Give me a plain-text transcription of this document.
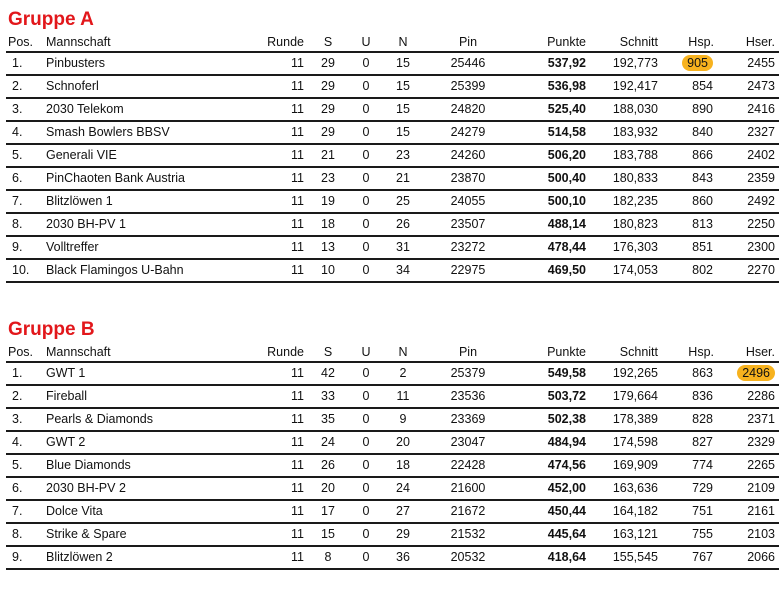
Gruppe A
Pos.	Mannschaft	Runde	S	U	N	Pin	Punkte	Schnitt	Hsp.	Hser.
1.	Pinbusters	11	29	0	15	25446	537,92	192,773	905	2455
2.	Schnoferl	11	29	0	15	25399	536,98	192,417	854	2473
3.	2030 Telekom	11	29	0	15	24820	525,40	188,030	890	2416
4.	Smash Bowlers BBSV	11	29	0	15	24279	514,58	183,932	840	2327
5.	Generali VIE	11	21	0	23	24260	506,20	183,788	866	2402
6.	PinChaoten Bank Austria	11	23	0	21	23870	500,40	180,833	843	2359
7.	Blitzlöwen 1	11	19	0	25	24055	500,10	182,235	860	2492
8.	2030 BH-PV 1	11	18	0	26	23507	488,14	180,823	813	2250
9.	Volltreffer	11	13	0	31	23272	478,44	176,303	851	2300
10.	Black Flamingos U-Bahn	11	10	0	34	22975	469,50	174,053	802	2270
Gruppe B
Pos.	Mannschaft	Runde	S	U	N	Pin	Punkte	Schnitt	Hsp.	Hser.
1.	GWT 1	11	42	0	2	25379	549,58	192,265	863	2496
2.	Fireball	11	33	0	11	23536	503,72	179,664	836	2286
3.	Pearls & Diamonds	11	35	0	9	23369	502,38	178,389	828	2371
4.	GWT 2	11	24	0	20	23047	484,94	174,598	827	2329
5.	Blue Diamonds	11	26	0	18	22428	474,56	169,909	774	2265
6.	2030 BH-PV 2	11	20	0	24	21600	452,00	163,636	729	2109
7.	Dolce Vita	11	17	0	27	21672	450,44	164,182	751	2161
8.	Strike & Spare	11	15	0	29	21532	445,64	163,121	755	2103
9.	Blitzlöwen 2	11	8	0	36	20532	418,64	155,545	767	2066
